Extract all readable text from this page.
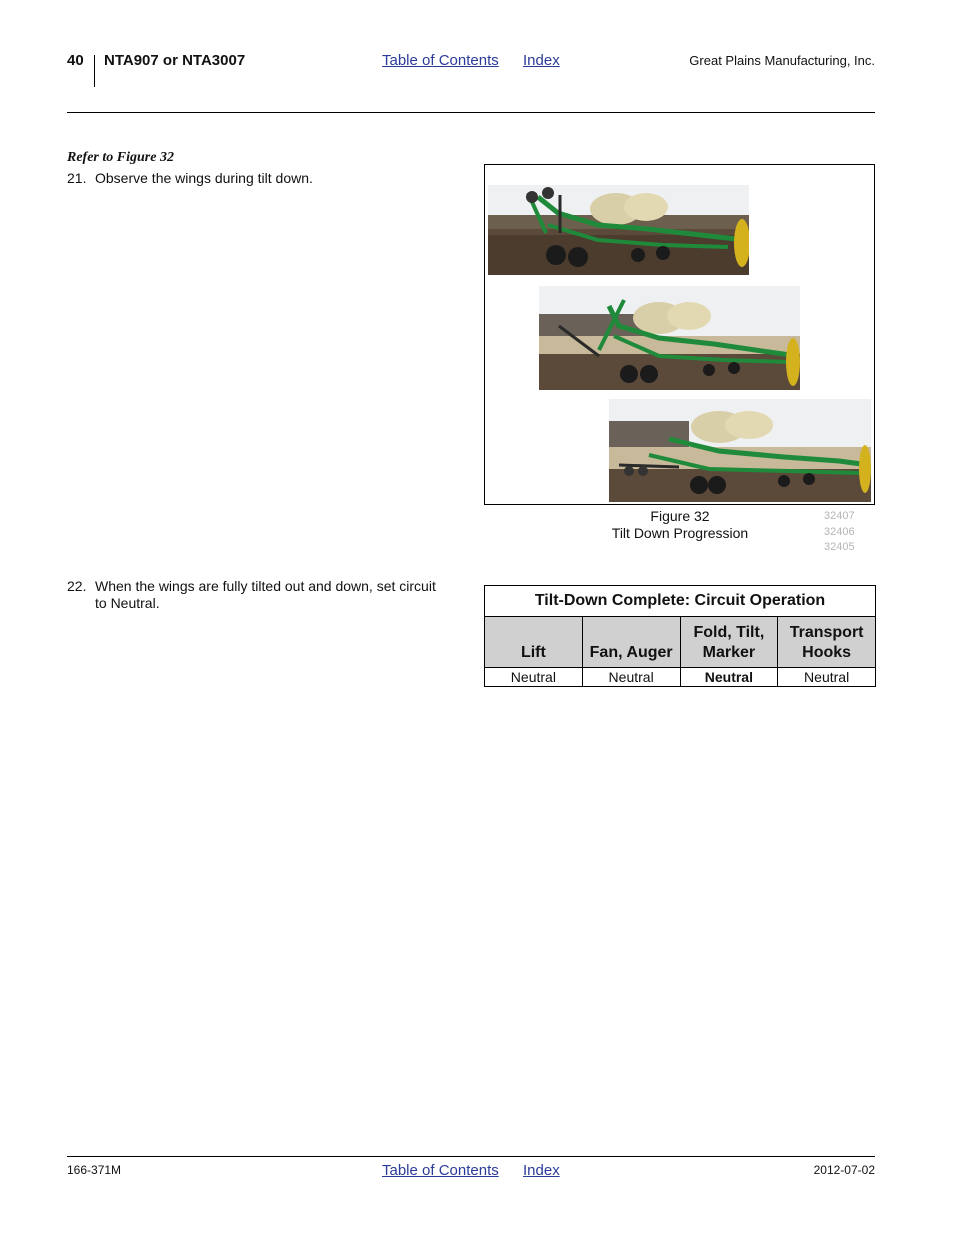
40 NTA907 or NTA3007	Table of Contents Index	Great Plains Manufacturing, Inc.
Refer to Figure 32
21. Observe the wings during tilt down.
22. When the wings are fully tilted out and down, set circuit to Neutral.
Figure 32
Tilt Down Progression
32407
32406
32405
Tilt-Down Complete: Circuit Operation			
Lift	Fan, Auger	Fold, Tilt, Marker	Transport Hooks
Neutral	Neutral	Neutral	Neutral
166-371M	Table of Contents Index	2012-07-02
